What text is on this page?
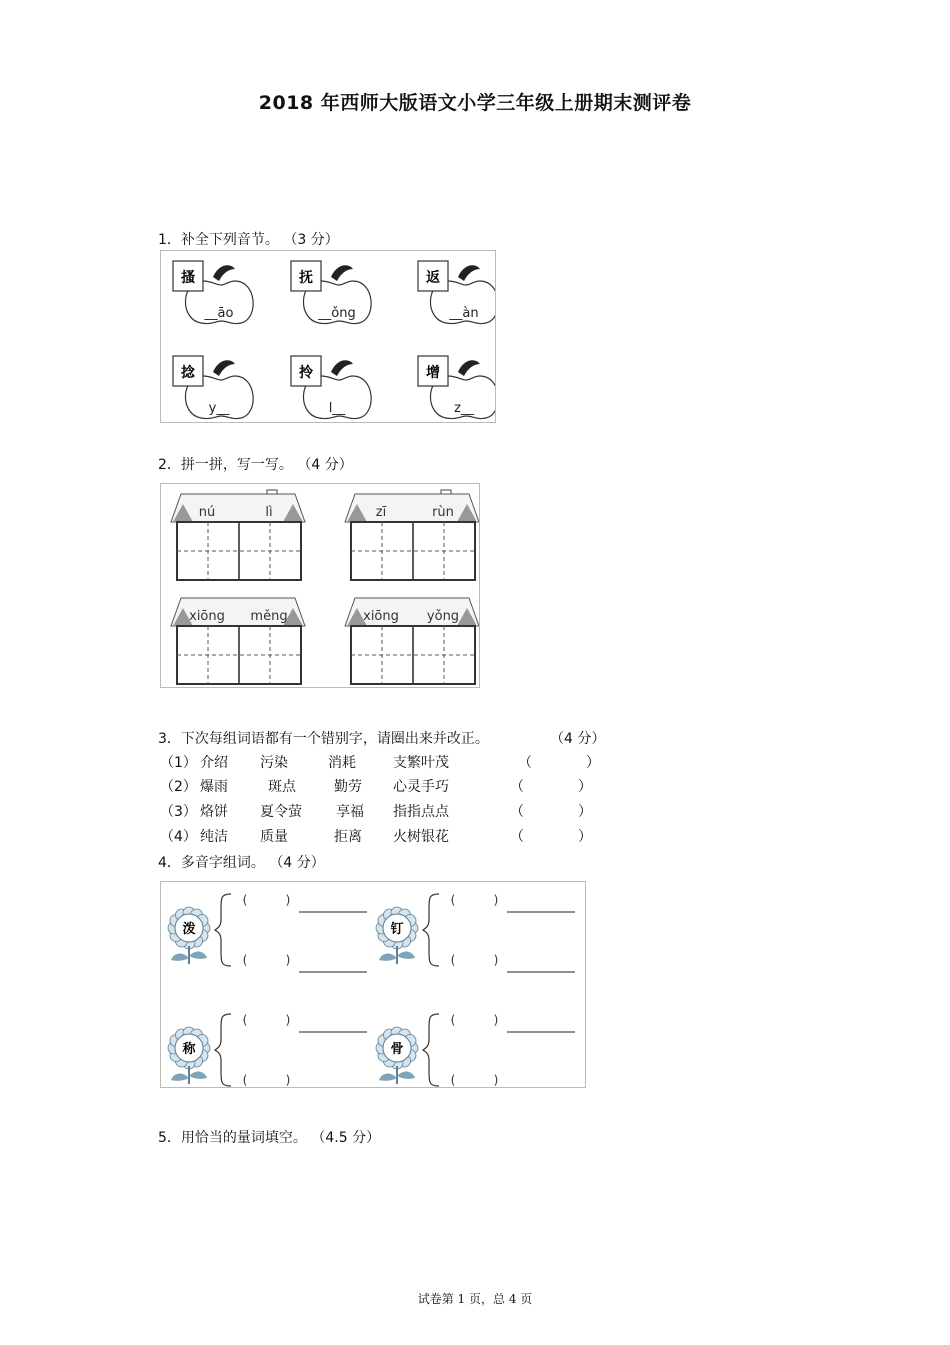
2018 年西师大版语文小学三年级上册期末测评卷
1．补全下列音节。 （3 分）
搔
__āo
抚
__ǒng
返
__àn
捻
y__
拎
l__
增
z__
2．拼一拼，写一写。 （4 分）
nú	lì	zī	rùn
xiōng měng	xiōng yǒng
3．下次每组词语都有一个错别字，请圈出来并改正。	（4 分）
（1） 介绍 污染	消耗	支繁叶茂	（	）
（2） 爆雨	斑点	勤劳 心灵手巧	（	）
（3） 烙饼 夏令萤 享福 指指点点	（	）
（4） 纯洁 质量	拒离 火树银花	（	）
4．多音字组词。 （4 分）
泼
(	)
(	)
钉
(	)
(	)
称
(	)
(	)
骨
(	)
(	)
5．用恰当的量词填空。 （4.5 分）
试卷第 1 页，总 4 页
